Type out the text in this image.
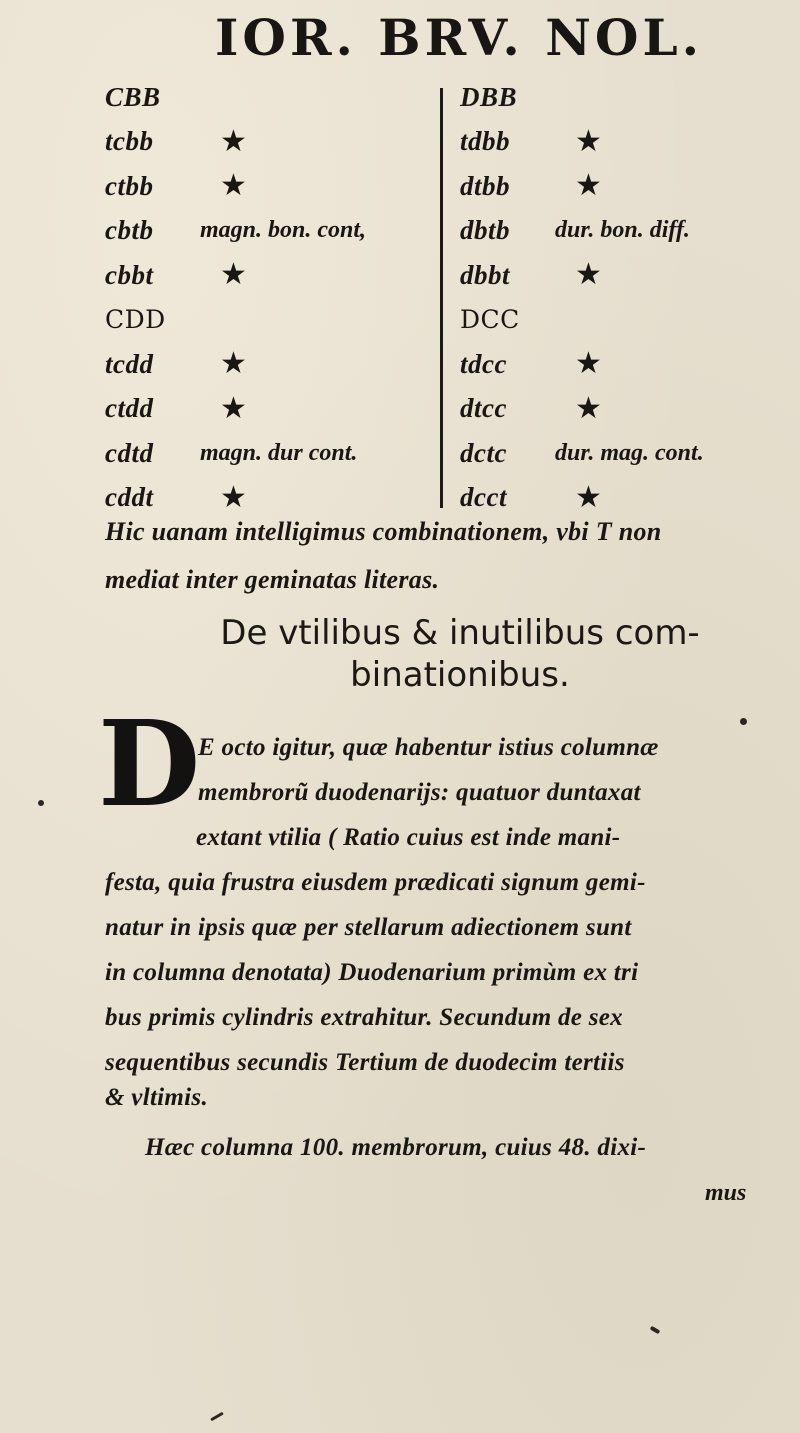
IOR. BRV. NOL.
CBB
tcbb	★
ctbb	★
cbtb	magn. bon. cont,
cbbt	★
CDD
tcdd	★
ctdd	★
cdtd	magn. dur cont.
cddt	★
DBB
tdbb	★
dtbb	★
dbtb	dur. bon. diff.
dbbt	★
DCC
tdcc	★
dtcc	★
dctc	dur. mag. cont.
dcct	★
Hic uanam intelligimus combinationem, vbi T non
mediat inter geminatas literas.
De vtilibus & inutilibus com-
binationibus.
D
E octo igitur, quæ habentur istius columnæ
membrorũ duodenarijs: quatuor duntaxat
extant vtilia ( Ratio cuius est inde mani-
festa, quia frustra eiusdem prædicati signum gemi-
natur in ipsis quæ per stellarum adiectionem sunt
in columna denotata) Duodenarium primùm ex tri
bus primis cylindris extrahitur. Secundum de sex
sequentibus secundis Tertium de duodecim tertiis
& vltimis.
Hæc columna 100. membrorum, cuius 48. dixi-
mus
